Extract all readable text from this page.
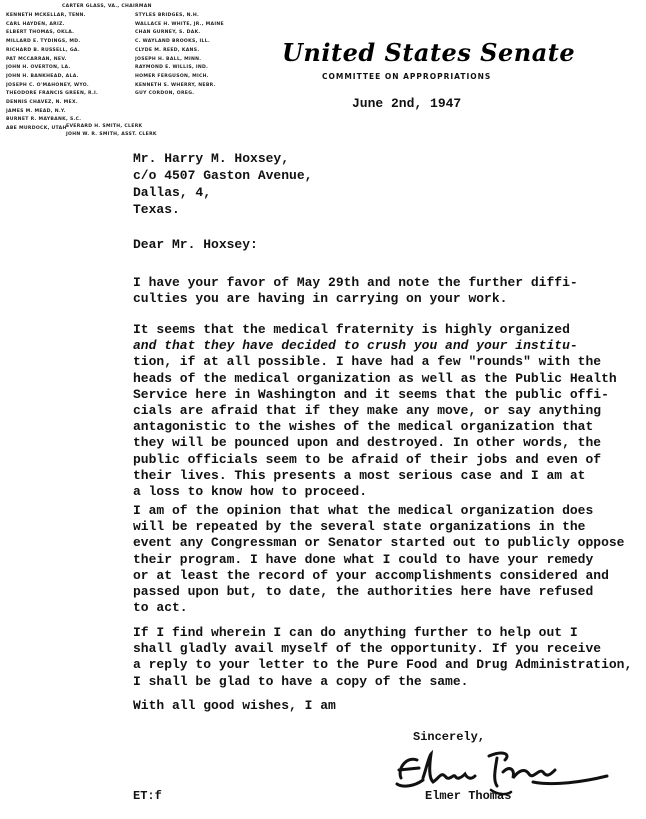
CARTER GLASS, VA., CHAIRMAN
KENNETH MCKELLAR, TENN.
CARL HAYDEN, ARIZ.
ELBERT THOMAS, OKLA.
MILLARD E. TYDINGS, MD.
RICHARD B. RUSSELL, GA.
PAT MCCARRAN, NEV.
JOHN H. OVERTON, LA.
JOHN H. BANKHEAD, ALA.
JOSEPH C. O'MAHONEY, WYO.
THEODORE FRANCIS GREEN, R.I.
DENNIS CHAVEZ, N. MEX.
JAMES M. MEAD, N.Y.
BURNET R. MAYBANK, S.C.
ABE MURDOCK, UTAH
STYLES BRIDGES, N.H.
WALLACE H. WHITE, JR., MAINE
CHAN GURNEY, S. DAK.
C. WAYLAND BROOKS, ILL.
CLYDE M. REED, KANS.
JOSEPH H. BALL, MINN.
RAYMOND E. WILLIS, IND.
HOMER FERGUSON, MICH.
KENNETH S. WHERRY, NEBR.
GUY CORDON, OREG.
EVERARD H. SMITH, CLERK
JOHN W. R. SMITH, ASST. CLERK
United States Senate
COMMITTEE ON APPROPRIATIONS
June 2nd, 1947
Mr. Harry M. Hoxsey,
c/o 4507 Gaston Avenue,
Dallas, 4,
Texas.
Dear Mr. Hoxsey:
I have your favor of May 29th and note the further diffi-
culties you are having in carrying on your work.
It seems that the medical fraternity is highly organized
and that they have decided to crush you and your institu-
tion, if at all possible. I have had a few "rounds" with the
heads of the medical organization as well as the Public Health
Service here in Washington and it seems that the public offi-
cials are afraid that if they make any move, or say anything
antagonistic to the wishes of the medical organization that
they will be pounced upon and destroyed. In other words, the
public officials seem to be afraid of their jobs and even of
their lives. This presents a most serious case and I am at
a loss to know how to proceed.
I am of the opinion that what the medical organization does
will be repeated by the several state organizations in the
event any Congressman or Senator started out to publicly oppose
their program. I have done what I could to have your remedy
or at least the record of your accomplishments considered and
passed upon but, to date, the authorities here have refused
to act.
If I find wherein I can do anything further to help out I
shall gladly avail myself of the opportunity. If you receive
a reply to your letter to the Pure Food and Drug Administration,
I shall be glad to have a copy of the same.
With all good wishes, I am
Sincerely,
Elmer Thomas
ET:f
